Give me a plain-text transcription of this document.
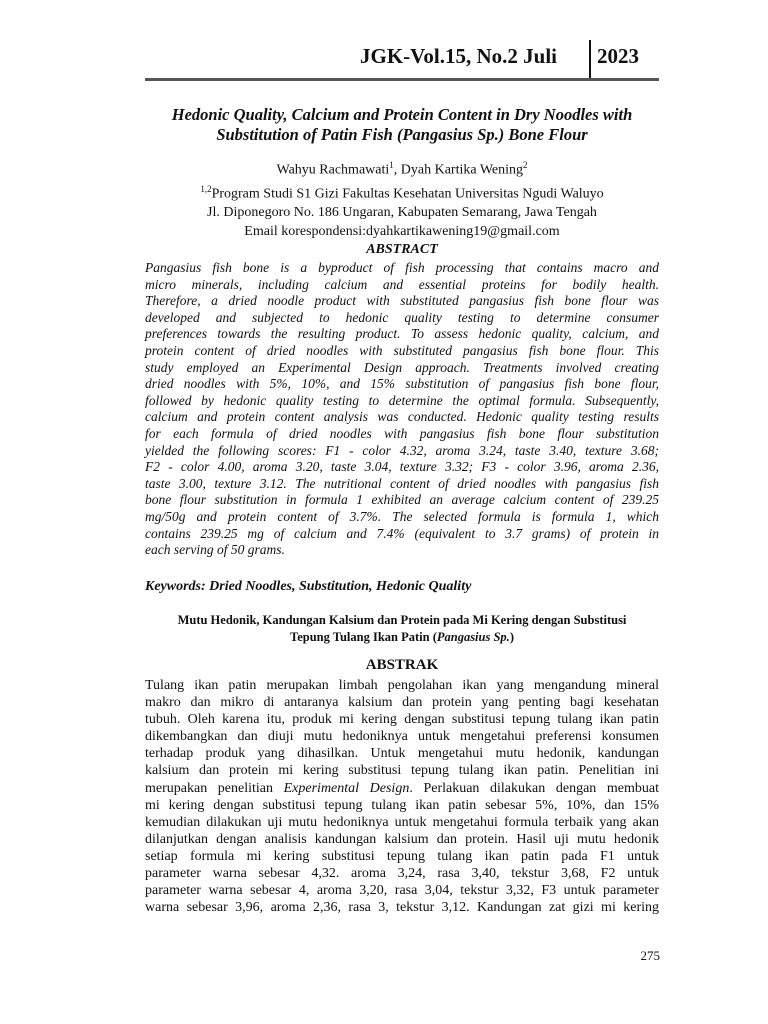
JGK-Vol.15, No.2 Juli 2023
Hedonic Quality, Calcium and Protein Content in Dry Noodles with
Substitution of Patin Fish (Pangasius Sp.) Bone Flour
Wahyu Rachmawati$^1$, Dyah Kartika Wening$^2$
$^{1,2}$Program Studi S1 Gizi Fakultas Kesehatan Universitas Ngudi Waluyo
Jl. Diponegoro No. 186 Ungaran, Kabupaten Semarang, Jawa Tengah
Email korespondensi:dyahkartikawening19@gmail.com
ABSTRACT
Pangasius fish bone is a byproduct of fish processing that contains macro and
micro minerals, including calcium and essential proteins for bodily health.
Therefore, a dried noodle product with substituted pangasius fish bone flour was
developed and subjected to hedonic quality testing to determine consumer
preferences towards the resulting product. To assess hedonic quality, calcium, and
protein content of dried noodles with substituted pangasius fish bone flour. This
study employed an Experimental Design approach. Treatments involved creating
dried noodles with 5%, 10%, and 15% substitution of pangasius fish bone flour,
followed by hedonic quality testing to determine the optimal formula. Subsequently,
calcium and protein content analysis was conducted. Hedonic quality testing results
for each formula of dried noodles with pangasius fish bone flour substitution
yielded the following scores: F1 - color 4.32, aroma 3.24, taste 3.40, texture 3.68;
F2 - color 4.00, aroma 3.20, taste 3.04, texture 3.32; F3 - color 3.96, aroma 2.36,
taste 3.00, texture 3.12. The nutritional content of dried noodles with pangasius fish
bone flour substitution in formula 1 exhibited an average calcium content of 239.25
mg/50g and protein content of 3.7%. The selected formula is formula 1, which
contains 239.25 mg of calcium and 7.4% (equivalent to 3.7 grams) of protein in
each serving of 50 grams.
Keywords: Dried Noodles, Substitution, Hedonic Quality
Mutu Hedonik, Kandungan Kalsium dan Protein pada Mi Kering dengan Substitusi
Tepung Tulang Ikan Patin (Pangasius Sp.)
ABSTRAK
Tulang ikan patin merupakan limbah pengolahan ikan yang mengandung mineral
makro dan mikro di antaranya kalsium dan protein yang penting bagi kesehatan
tubuh. Oleh karena itu, produk mi kering dengan substitusi tepung tulang ikan patin
dikembangkan dan diuji mutu hedoniknya untuk mengetahui preferensi konsumen
terhadap produk yang dihasilkan. Untuk mengetahui mutu hedonik, kandungan
kalsium dan protein mi kering substitusi tepung tulang ikan patin. Penelitian ini
merupakan penelitian Experimental Design. Perlakuan dilakukan dengan membuat
mi kering dengan substitusi tepung tulang ikan patin sebesar 5%, 10%, dan 15%
kemudian dilakukan uji mutu hedoniknya untuk mengetahui formula terbaik yang akan
dilanjutkan dengan analisis kandungan kalsium dan protein. Hasil uji mutu hedonik
setiap formula mi kering substitusi tepung tulang ikan patin pada F1 untuk
parameter warna sebesar 4,32. aroma 3,24, rasa 3,40, tekstur 3,68, F2 untuk
parameter warna sebesar 4, aroma 3,20, rasa 3,04, tekstur 3,32, F3 untuk parameter
warna sebesar 3,96, aroma 2,36, rasa 3, tekstur 3,12. Kandungan zat gizi mi kering
275
